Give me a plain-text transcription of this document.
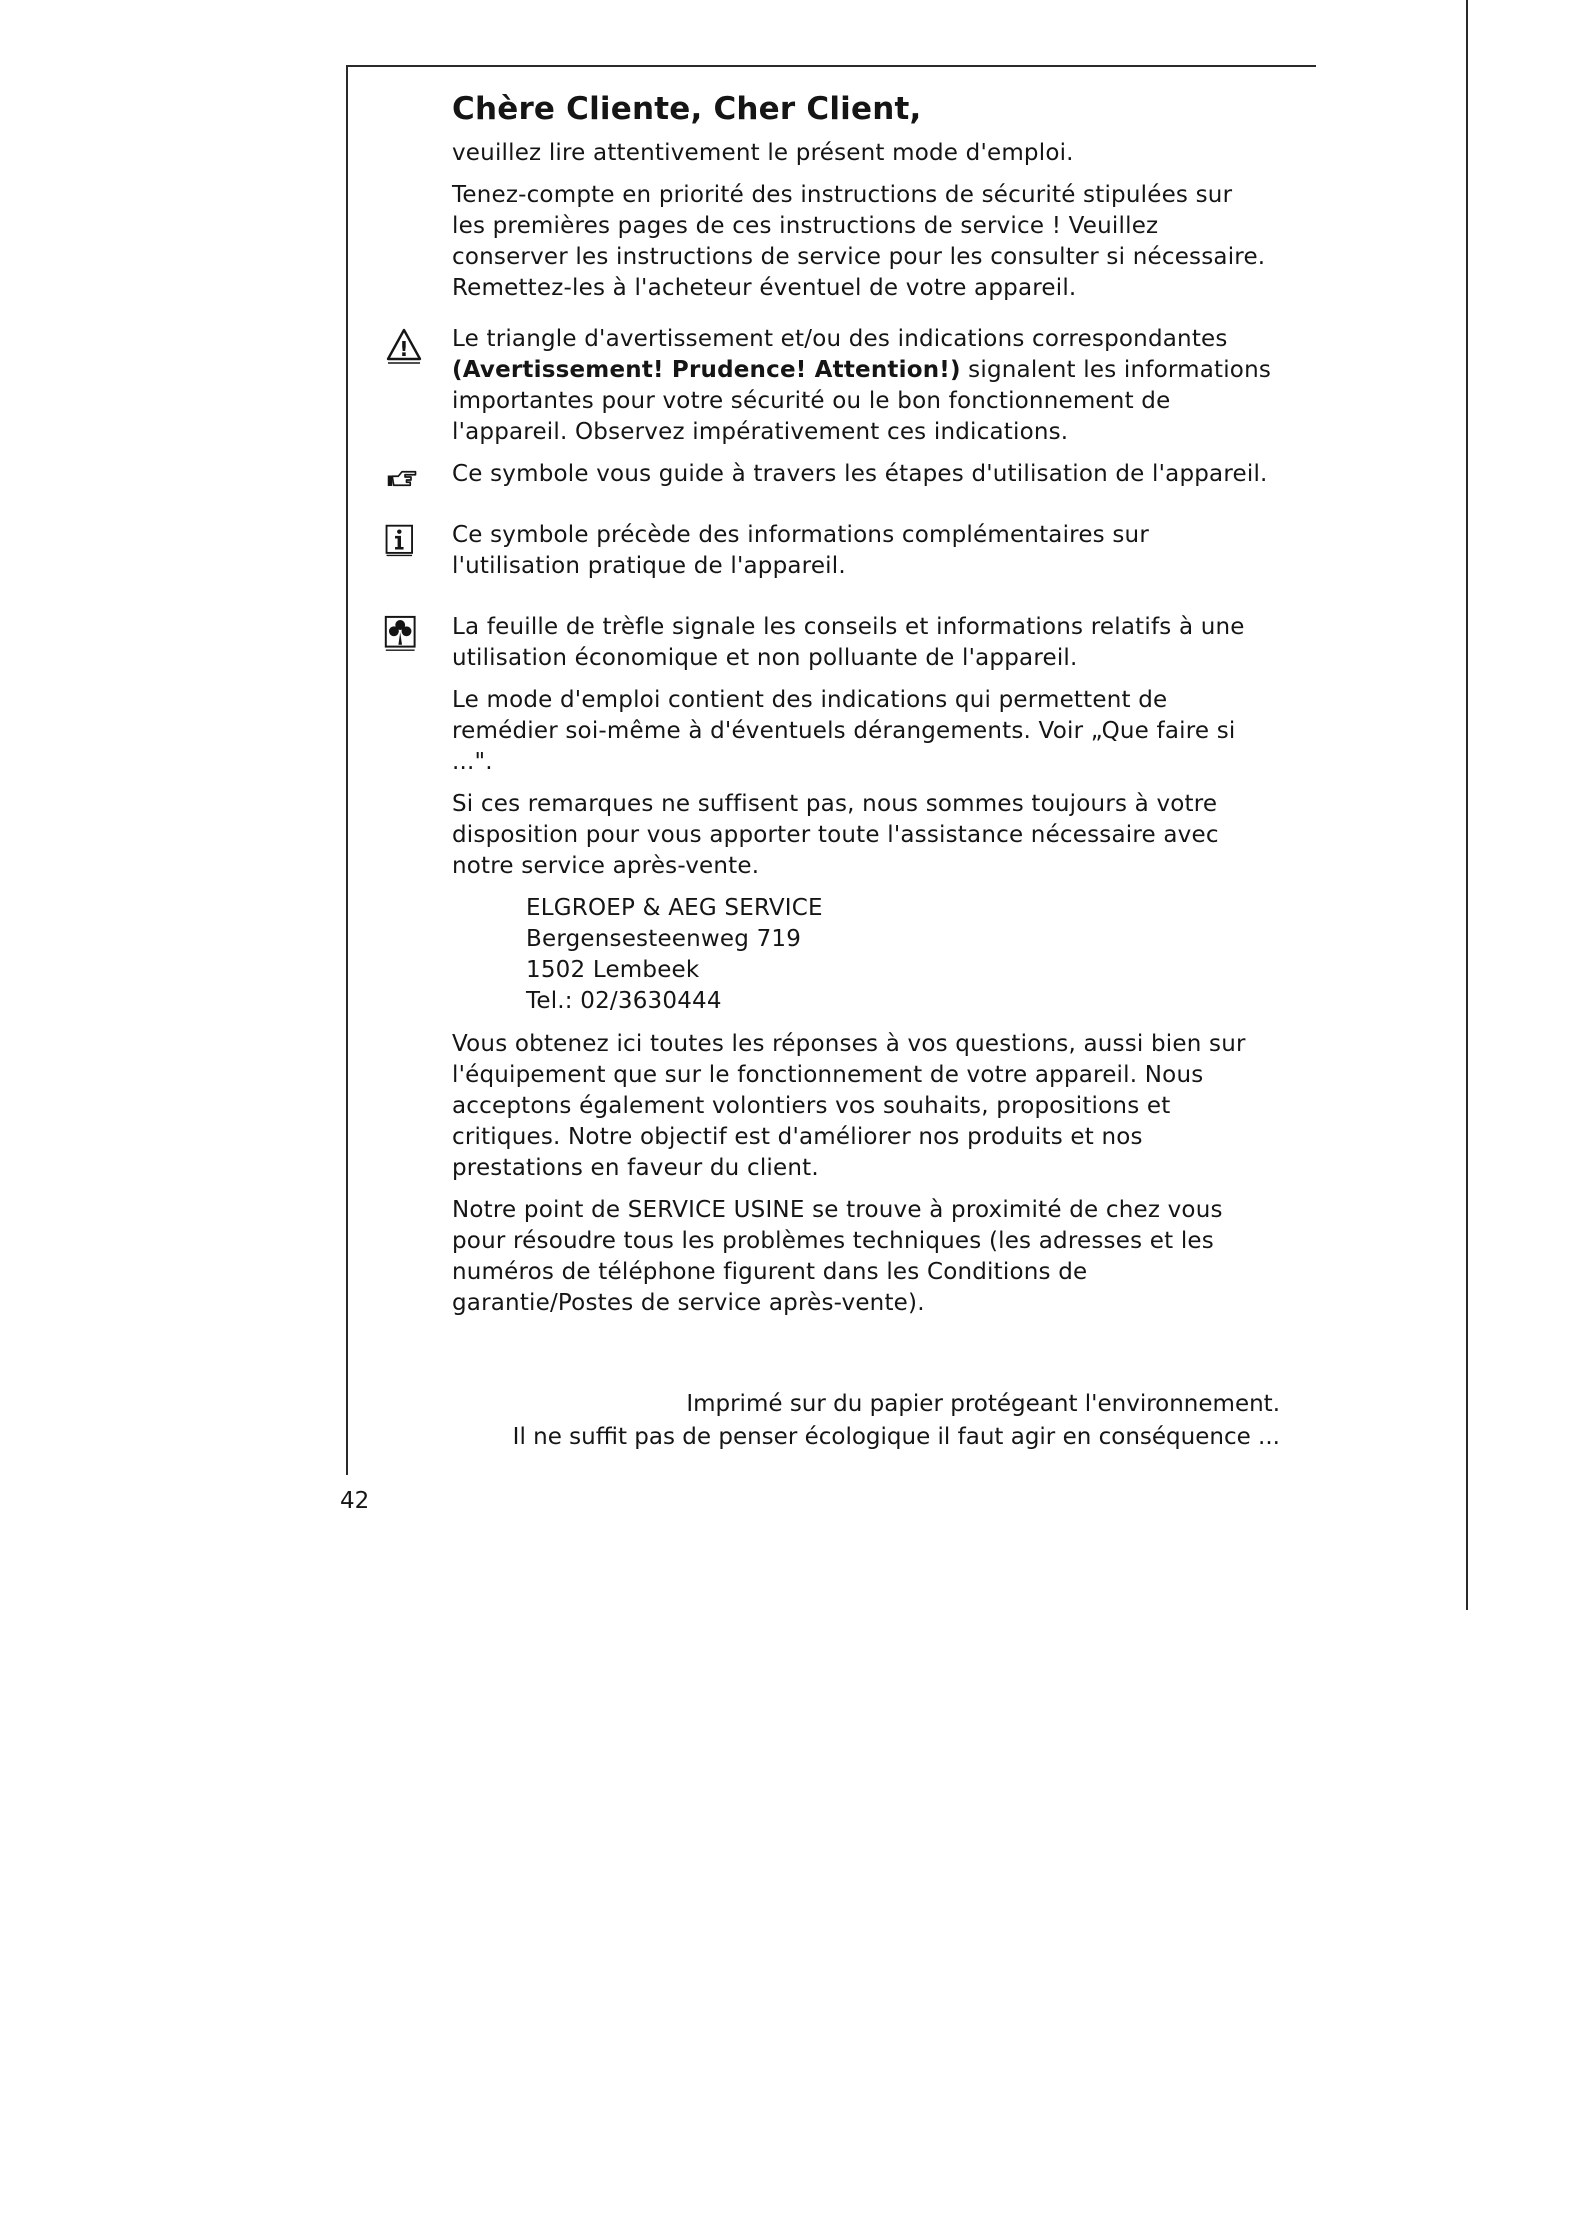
Chère Cliente, Cher Client,

veuillez lire attentivement le présent mode d'emploi.

Tenez-compte en priorité des instructions de sécurité stipulées sur les premières pages de ces instructions de service ! Veuillez conserver les instructions de service pour les consulter si nécessaire. Remettez-les à l'acheteur éventuel de votre appareil.

! Le triangle d'avertissement et/ou des indications correspondantes (Avertissement! Prudence! Attention!) signalent les informations importantes pour votre sécurité ou le bon fonctionnement de l'appareil. Observez impérativement ces indications.
Ce symbole vous guide à travers les étapes d'utilisation de l'appareil.
Ce symbole précède des informations complémentaires sur l'utilisation pratique de l'appareil.
La feuille de trèfle signale les conseils et informations relatifs à une utilisation économique et non polluante de l'appareil.

Le mode d'emploi contient des indications qui permettent de remédier soi-même à d'éventuels dérangements. Voir „Que faire si ...".

Si ces remarques ne suffisent pas, nous sommes toujours à votre disposition pour vous apporter toute l'assistance nécessaire avec notre service après-vente.

ELGROEP & AEG SERVICE
Bergensesteenweg 719
1502 Lembeek
Tel.: 02/3630444

Vous obtenez ici toutes les réponses à vos questions, aussi bien sur l'équipement que sur le fonctionnement de votre appareil. Nous acceptons également volontiers vos souhaits, propositions et critiques. Notre objectif est d'améliorer nos produits et nos prestations en faveur du client.

Notre point de SERVICE USINE se trouve à proximité de chez vous pour résoudre tous les problèmes techniques (les adresses et les numéros de téléphone figurent dans les Conditions de garantie/Postes de service après-vente).

Imprimé sur du papier protégeant l'environnement.
Il ne suffit pas de penser écologique il faut agir en conséquence ...
42
